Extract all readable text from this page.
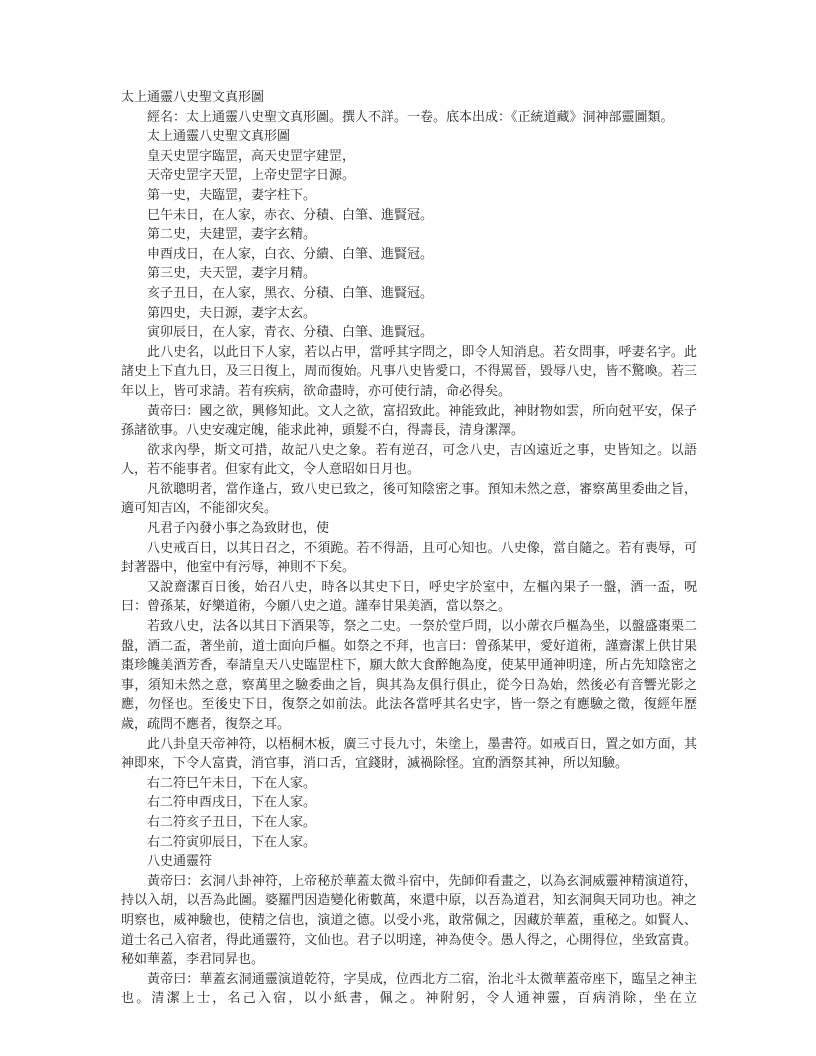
太上通靈八史聖文真形圖

經名：太上通靈八史聖文真形圖。撰人不詳。一卷。底本出成：《正統道藏》洞神部靈圖類。

太上通靈八史聖文真形圖

皇天史罡字臨罡，高天史罡字建罡，

天帝史罡字天罡，上帝史罡字日源。

第一史，夫臨罡，妻字柱下。

巳午未日，在人家，赤衣、分積、白筆、進賢冠。

第二史，夫建罡，妻字玄精。

申酉戌日，在人家，白衣、分繢、白筆、進賢冠。

第三史，夫天罡，妻字月精。

亥子丑日，在人家，黑衣、分積、白筆、進賢冠。

第四史，夫日源，妻字太玄。

寅卯辰日，在人家，青衣、分積、白筆、進賢冠。

此八史名，以此日下人家，若以占甲，當呼其字問之，即令人知消息。若女問事，呼妻名字。此諸史上下直九日，及三日復上，周而復始。凡事八史皆愛口，不得罵晉，毀辱八史，皆不驚喚。若三年以上，皆可求請。若有疾病，欲命盡時，亦可使行請，命必得矣。

黃帝曰：國之欲，興修知此。文人之欲，富招致此。神能致此，神財物如雲，所向尅平安，保子孫諸欲事。八史安魂定魄，能求此神，頭髮不白，得壽長，清身潔澤。

欲求內學，斯文可措，故記八史之象。若有逆召，可念八史，吉凶遠近之事，史皆知之。以語人，若不能事者。但家有此文，令人意昭如日月也。

凡欲聰明者，當作逢占，致八史已致之，後可知陰密之事。預知未然之意，審察萬里委曲之旨，適可知吉凶，不能卻灾矣。

凡君子內發小事之為致財也，使

八史戒百日，以其日召之，不須跪。若不得語，且可心知也。八史像，當自隨之。若有喪辱，可封著器中，他室中有污辱，神則不下矣。

又說齋潔百日後，始召八史，時各以其史下日，呼史字於室中，左樞內果子一盤，酒一盃，呪曰：曾孫某，好樂道術，今願八史之道。謹奉甘果美酒，當以祭之。

若致八史，法各以其日下酒果等，祭之二史。一祭於堂戶問，以小蓆衣戶樞為坐，以盤盛棗栗二盤，酒二盃，著坐前，道士面向戶樞。如祭之不拜，也言曰：曾孫某甲，愛好道術，謹齋潔上供甘果棗珍饞美酒芳香，奉請皇天八史臨罡柱下，願大飲大食醉飽為度，使某甲通神明達，所占先知陰密之事，須知未然之意，察萬里之驗委曲之旨，與其為友俱行俱止，從今日為始，然後必有音響光影之應，勿怪也。至後史下日，復祭之如前法。此法各當呼其名史字，皆一祭之有應驗之徵，復經年歷歲，疏問不應者，復祭之耳。

此八卦皇天帝神符，以梧桐木板，廣三寸長九寸，朱塗上，墨書符。如戒百日，置之如方面，其神即來，下令人富貴，消官事，消口舌，宜錢財，滅禍除怪。宜酌酒祭其神，所以知驗。

右二符巳午未日，下在人家。

右二符申酉戌日，下在人家。

右二符亥子丑日，下在人家。

右二符寅卯辰日，下在人家。

八史通靈符

黃帝曰：玄洞八卦神符，上帝秘於華蓋太微斗宿中，先師仰看畫之，以為玄洞威靈神精演道符，持以入胡，以吾為此圖。婆羅門因造變化術數萬，來還中原，以吾為道君，知玄洞與天同功也。神之明察也，威神驗也，使精之信也，演道之德。以受小兆，敢常佩之，因藏於華蓋，重秘之。如賢人、道士名己入宿者，得此通靈符，文仙也。君子以明達，神為使令。愚人得之，心開得位，坐致富貴。秘如華蓋，李君同昇也。

黃帝曰：華蓋玄洞通靈演道乾符，字昊成，位西北方二宿，治北斗太微華蓋帝座下，臨呈之神主也。清潔上士，名己入宿，以小紙書，佩之。神附躬，令人通神靈，百病消除，坐在立
